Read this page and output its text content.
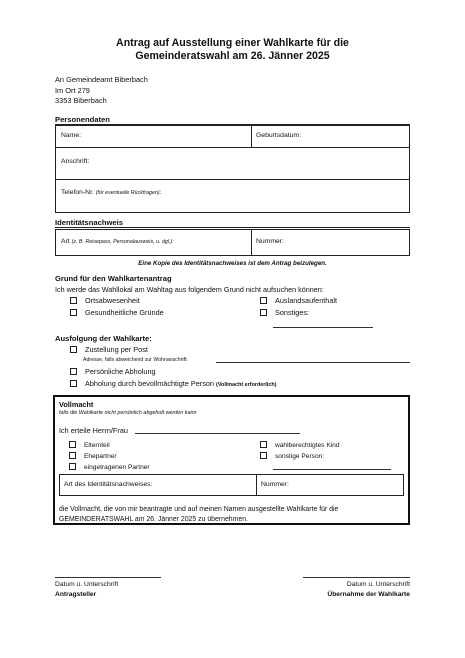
Antrag auf Ausstellung einer Wahlkarte für die
Gemeinderatswahl am 26. Jänner 2025
An Gemeindeamt Biberbach
Im Ort 279
3353 Biberbach
Personendaten
Name:	Geburtsdatum:
Anschrift:
Telefon-Nr. (für eventuelle Rückfragen):
Identitätsnachweis
Art (z. B. Reisepass, Personalausweis, u. dgl.):	Nummer:
Eine Kopie des Identitätsnachweises ist dem Antrag beizulegen.
Grund für den Wahlkartenantrag
Ich werde das Wahllokal am Wahltag aus folgendem Grund nicht aufsuchen können:
Ortsabwesenheit
Gesundheitliche Gründe
Auslandsaufenthalt
Sonstiges:
Ausfolgung der Wahlkarte:
Zustellung per Post
Adresse, falls abweichend zur Wohnanschrift:
Persönliche Abholung
Abholung durch bevollmächtigte Person (Vollmacht erforderlich)
Vollmacht
falls die Wahlkarte nicht persönlich abgeholt werden kann
Ich erteile Herrn/Frau
Elternteil
Ehepartner
eingetragenen Partner
wahlberechtigtes Kind
sonstige Person:
Art des Identitätsnachweises:	Nummer:
die Vollmacht, die von mir beantragte und auf meinen Namen ausgestellte Wahlkarte für die
GEMEINDERATSWAHL am 26. Jänner 2025 zu übernehmen.
Datum u. Unterschrift
Antragsteller
Datum u. Unterschrift
Übernahme der Wahlkarte
